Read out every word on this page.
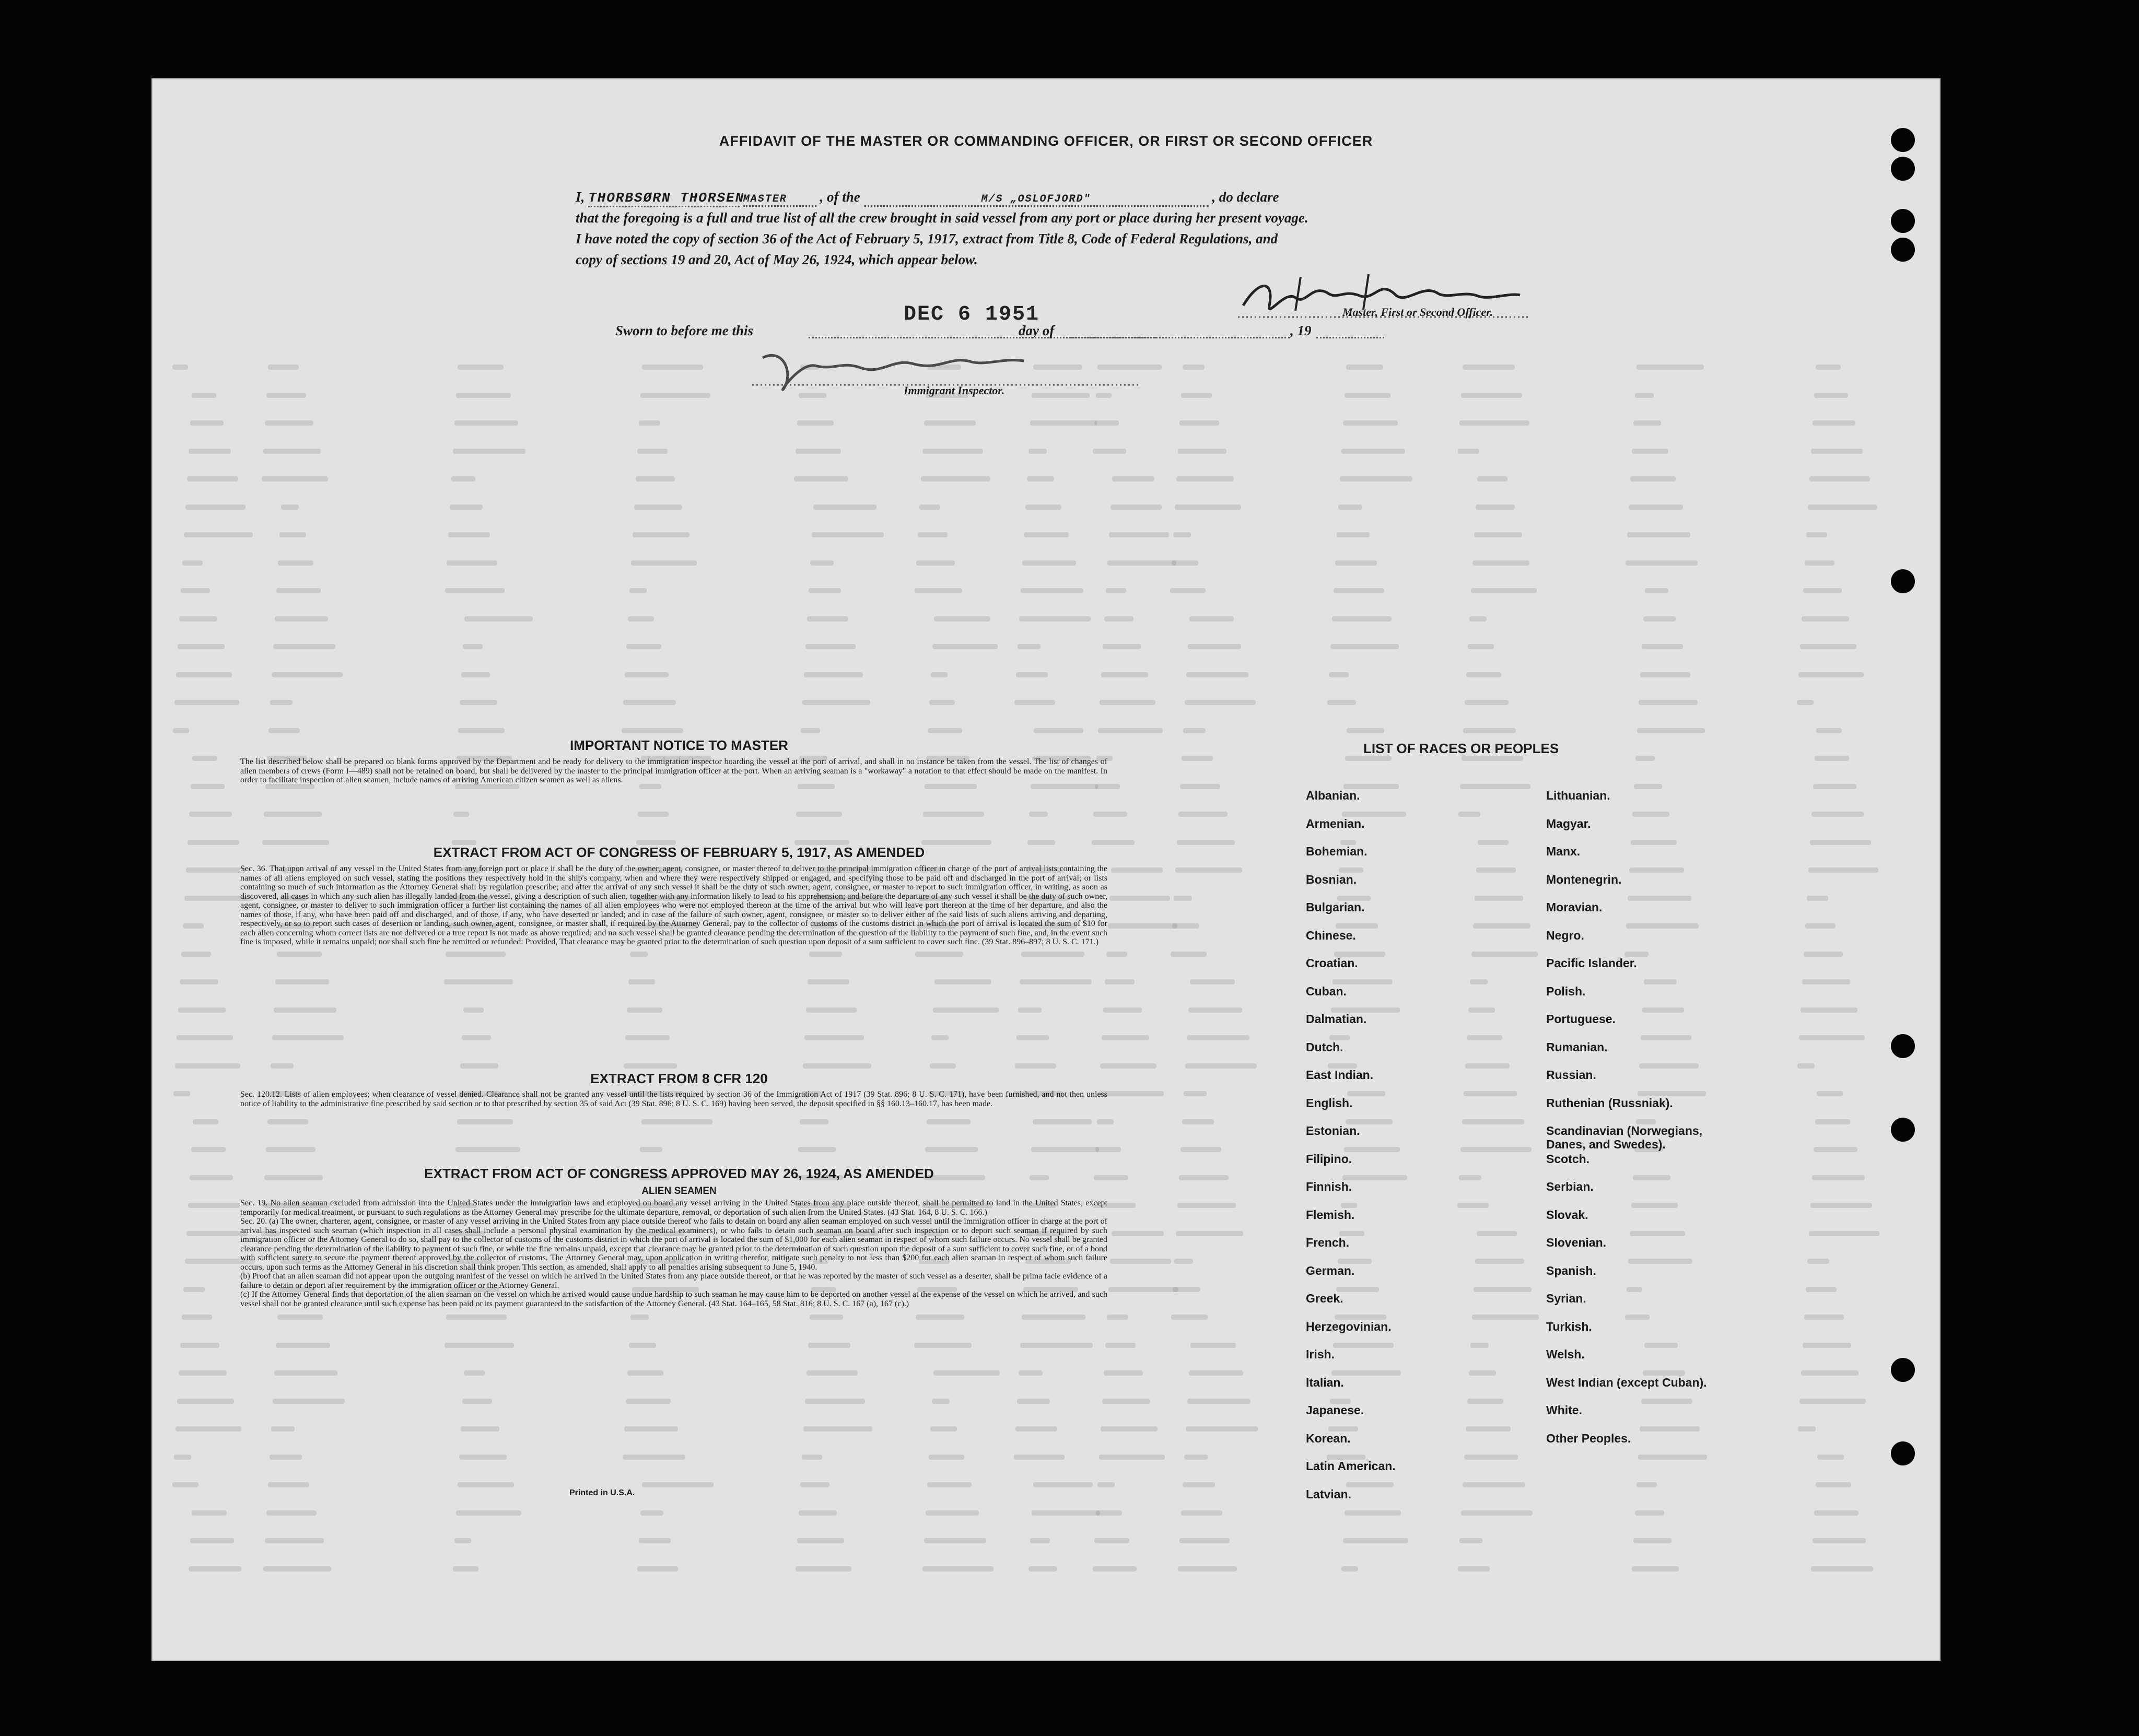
AFFIDAVIT OF THE MASTER OR COMMANDING OFFICER, OR FIRST OR SECOND OFFICER
I, THORBSØRN THORSEN MASTER , of the	M/S „OSLOFJORD"	, do declare
that the foregoing is a full and true list of all the crew brought in said vessel from any port or place during her present voyage.
I have noted the copy of section 36 of the Act of February 5, 1917, extract from Title 8, Code of Federal Regulations, and
copy of sections 19 and 20, Act of May 26, 1924, which appear below.
Master, First or Second Officer.
Sworn to before me this
DEC 6 1951
day of	, 19
Immigrant Inspector.
IMPORTANT NOTICE TO MASTER
The list described below shall be prepared on blank forms approved by the Department and be ready for delivery to the immigration inspector boarding the vessel at the port of arrival, and shall in no instance be taken from the vessel. The list of changes of alien members of crews (Form I—489) shall not be retained on board, but shall be delivered by the master to the principal immigration officer at the port. When an arriving seaman is a "workaway" a notation to that effect should be made on the manifest. In order to facilitate inspection of alien seamen, include names of arriving American citizen seamen as well as aliens.
EXTRACT FROM ACT OF CONGRESS OF FEBRUARY 5, 1917, AS AMENDED
Sec. 36. That upon arrival of any vessel in the United States from any foreign port or place it shall be the duty of the owner, agent, consignee, or master thereof to deliver to the principal immigration officer in charge of the port of arrival lists containing the names of all aliens employed on such vessel, stating the positions they respectively hold in the ship's company, when and where they were respectively shipped or engaged, and specifying those to be paid off and discharged in the port of arrival; or lists containing so much of such information as the Attorney General shall by regulation prescribe; and after the arrival of any such vessel it shall be the duty of such owner, agent, consignee, or master to report to such immigration officer, in writing, as soon as discovered, all cases in which any such alien has illegally landed from the vessel, giving a description of such alien, together with any information likely to lead to his apprehension; and before the departure of any such vessel it shall be the duty of such owner, agent, consignee, or master to deliver to such immigration officer a further list containing the names of all alien employees who were not employed thereon at the time of the arrival but who will leave port thereon at the time of her departure, and also the names of those, if any, who have been paid off and discharged, and of those, if any, who have deserted or landed; and in case of the failure of such owner, agent, consignee, or master so to deliver either of the said lists of such aliens arriving and departing, respectively, or so to report such cases of desertion or landing, such owner, agent, consignee, or master shall, if required by the Attorney General, pay to the collector of customs of the customs district in which the port of arrival is located the sum of $10 for each alien concerning whom correct lists are not delivered or a true report is not made as above required; and no such vessel shall be granted clearance pending the determination of the question of the liability to the payment of such fine, and, in the event such fine is imposed, while it remains unpaid; nor shall such fine be remitted or refunded: Provided, That clearance may be granted prior to the determination of such question upon deposit of a sum sufficient to cover such fine. (39 Stat. 896–897; 8 U. S. C. 171.)
EXTRACT FROM 8 CFR 120
Sec. 120.12. Lists of alien employees; when clearance of vessel denied. Clearance shall not be granted any vessel until the lists required by section 36 of the Immigration Act of 1917 (39 Stat. 896; 8 U. S. C. 171), have been furnished, and not then unless notice of liability to the administrative fine prescribed by said section or to that prescribed by section 35 of said Act (39 Stat. 896; 8 U. S. C. 169) having been served, the deposit specified in §§ 160.13–160.17, has been made.
EXTRACT FROM ACT OF CONGRESS APPROVED MAY 26, 1924, AS AMENDED
ALIEN SEAMEN
Sec. 19. No alien seaman excluded from admission into the United States under the immigration laws and employed on board any vessel arriving in the United States from any place outside thereof, shall be permitted to land in the United States, except temporarily for medical treatment, or pursuant to such regulations as the Attorney General may prescribe for the ultimate departure, removal, or deportation of such alien from the United States. (43 Stat. 164, 8 U. S. C. 166.)
Sec. 20. (a) The owner, charterer, agent, consignee, or master of any vessel arriving in the United States from any place outside thereof who fails to detain on board any alien seaman employed on such vessel until the immigration officer in charge at the port of arrival has inspected such seaman (which inspection in all cases shall include a personal physical examination by the medical examiners), or who fails to detain such seaman on board after such inspection or to deport such seaman if required by such immigration officer or the Attorney General to do so, shall pay to the collector of customs of the customs district in which the port of arrival is located the sum of $1,000 for each alien seaman in respect of whom such failure occurs. No vessel shall be granted clearance pending the determination of the liability to payment of such fine, or while the fine remains unpaid, except that clearance may be granted prior to the determination of such question upon the deposit of a sum sufficient to cover such fine, or of a bond with sufficient surety to secure the payment thereof approved by the collector of customs. The Attorney General may, upon application in writing therefor, mitigate such penalty to not less than $200 for each alien seaman in respect of whom such failure occurs, upon such terms as the Attorney General in his discretion shall think proper. This section, as amended, shall apply to all penalties arising subsequent to June 5, 1940.
(b) Proof that an alien seaman did not appear upon the outgoing manifest of the vessel on which he arrived in the United States from any place outside thereof, or that he was reported by the master of such vessel as a deserter, shall be prima facie evidence of a failure to detain or deport after requirement by the immigration officer or the Attorney General.
(c) If the Attorney General finds that deportation of the alien seaman on the vessel on which he arrived would cause undue hardship to such seaman he may cause him to be deported on another vessel at the expense of the vessel on which he arrived, and such vessel shall not be granted clearance until such expense has been paid or its payment guaranteed to the satisfaction of the Attorney General. (43 Stat. 164–165, 58 Stat. 816; 8 U. S. C. 167 (a), 167 (c).)
Printed in U.S.A.
LIST OF RACES OR PEOPLES
Albanian.
Armenian.
Bohemian.
Bosnian.
Bulgarian.
Chinese.
Croatian.
Cuban.
Dalmatian.
Dutch.
East Indian.
English.
Estonian.
Filipino.
Finnish.
Flemish.
French.
German.
Greek.
Herzegovinian.
Irish.
Italian.
Japanese.
Korean.
Latin American.
Latvian.
Lithuanian.
Magyar.
Manx.
Montenegrin.
Moravian.
Negro.
Pacific Islander.
Polish.
Portuguese.
Rumanian.
Russian.
Ruthenian (Russniak).
Scandinavian (Norwegians, Danes, and Swedes).
Scotch.
Serbian.
Slovak.
Slovenian.
Spanish.
Syrian.
Turkish.
Welsh.
West Indian (except Cuban).
White.
Other Peoples.
